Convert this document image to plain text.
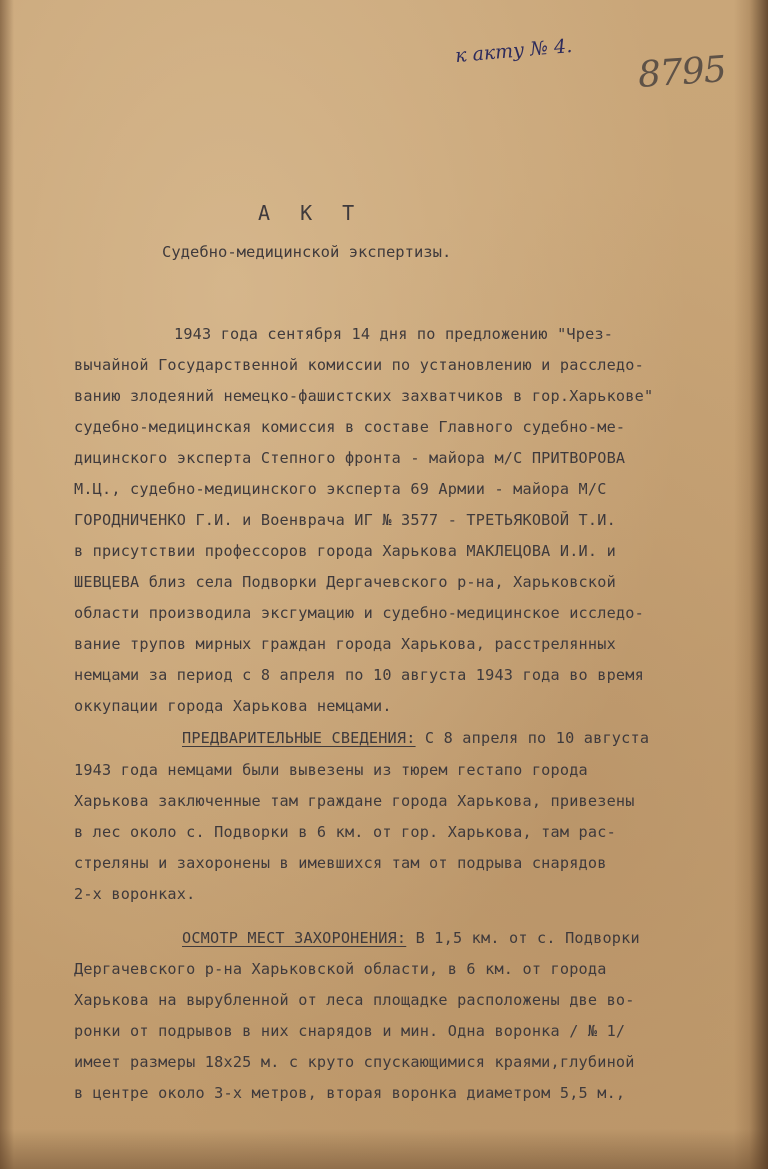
к акту № 4. 8795
А К Т
Судебно-медицинской экспертизы.
1943 года сентября 14 дня по предложению "Чрез-
вычайной Государственной комиссии по установлению и расследо-
ванию злодеяний немецко-фашистских захватчиков в гор.Харькове"
судебно-медицинская комиссия в составе Главного судебно-ме-
дицинского эксперта Степного фронта - майора м/С ПРИТВОРОВА
М.Ц., судебно-медицинского эксперта 69 Армии - майора М/С
ГОРОДНИЧЕНКО Г.И. и Военврача ИГ № 3577 - ТРЕТЬЯКОВОЙ Т.И.
в присутствии профессоров города Харькова МАКЛЕЦОВА И.И. и
ШЕВЦЕВА близ села Подворки Дергачевского р-на, Харьковской
области производила эксгумацию и судебно-медицинское исследо-
вание трупов мирных граждан города Харькова, расстрелянных
немцами за период с 8 апреля по 10 августа 1943 года во время
оккупации города Харькова немцами.
ПРЕДВАРИТЕЛЬНЫЕ СВЕДЕНИЯ: С 8 апреля по 10 августа
1943 года немцами были вывезены из тюрем гестапо города
Харькова заключенные там граждане города Харькова, привезены
в лес около с. Подворки в 6 км. от гор. Харькова, там рас-
стреляны и захоронены в имевшихся там от подрыва снарядов
2-х воронках.
ОСМОТР МЕСТ ЗАХОРОНЕНИЯ: В 1,5 км. от с. Подворки
Дергачевского р-на Харьковской области, в 6 км. от города
Харькова на вырубленной от леса площадке расположены две во-
ронки от подрывов в них снарядов и мин. Одна воронка / № 1/
имеет размеры 18х25 м. с круто спускающимися краями,глубиной
в центре около 3-х метров, вторая воронка диаметром 5,5 м.,
